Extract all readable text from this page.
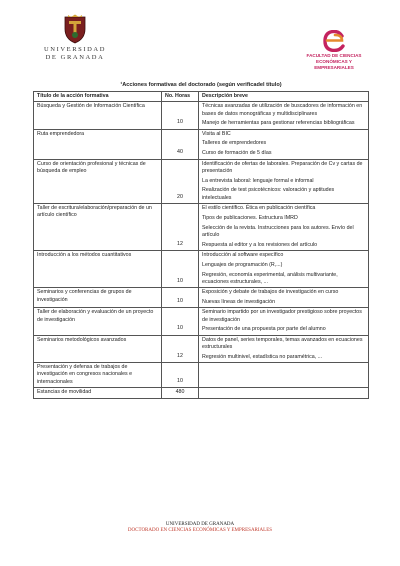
UNIVERSIDAD DE GRANADA	FACULTAD DE CIENCIAS
ECONÓMICAS Y EMPRESARIALES
¹Acciones formativas del doctorado (según verificadel título)
Título de la acción formativa	No. Horas	Descripción breve
Búsqueda y Gestión de Información Científica	10	Técnicas avanzadas de utilización de buscadores de información en bases de datos monográficas y multidisciplinares
Manejo de herramientas para gestionar referencias bibliográficas

Ruta emprendedora	40	Visita al BIC
Talleres de emprendedores
Curso de formación de 5 días

Curso de orientación profesional y técnicas de búsqueda de empleo	20	Identificación de ofertas de laborales. Preparación de Cv y cartas de presentación
La entrevista laboral: lenguaje formal e informal
Realización de test psicotécnicos: valoración y aptitudes intelectuales

Taller de escritura/elaboración/preparación de un artículo científico	12	El estilo científico. Ética en publicación científica
Tipos de publicaciones. Estructura IMRD
Selección de la revista. Instrucciones para los autores. Envío del artículo
Respuesta al editor y a los revisiones del artículo

Introducción a los métodos cuantitativos	10	Introducción al software específico
Lenguajes de programación (R,...)
Regresión, economía experimental, análisis multivariante, ecuaciones estructurales, ...

Seminarios y conferencias de grupos de investigación	10	Exposición y debate de trabajos de investigación en curso
Nuevas líneas de investigación

Taller de elaboración y evaluación de un proyecto de investigación	10	Seminario impartido por un investigador prestigioso sobre proyectos de investigación
Presentación de una propuesta por parte del alumno

Seminarios metodológicos avanzados	12	Datos de panel, series temporales, temas avanzados en ecuaciones estructurales
Regresión multinivel, estadística no paramétrica, ...

Presentación y defensa de trabajos de investigación en congresos nacionales e internacionales	10	
Estancias de movilidad	480	
UNIVERSIDAD DE GRANADA
DOCTORADO EN CIENCIAS ECONÓMICAS Y EMPRESARIALES
